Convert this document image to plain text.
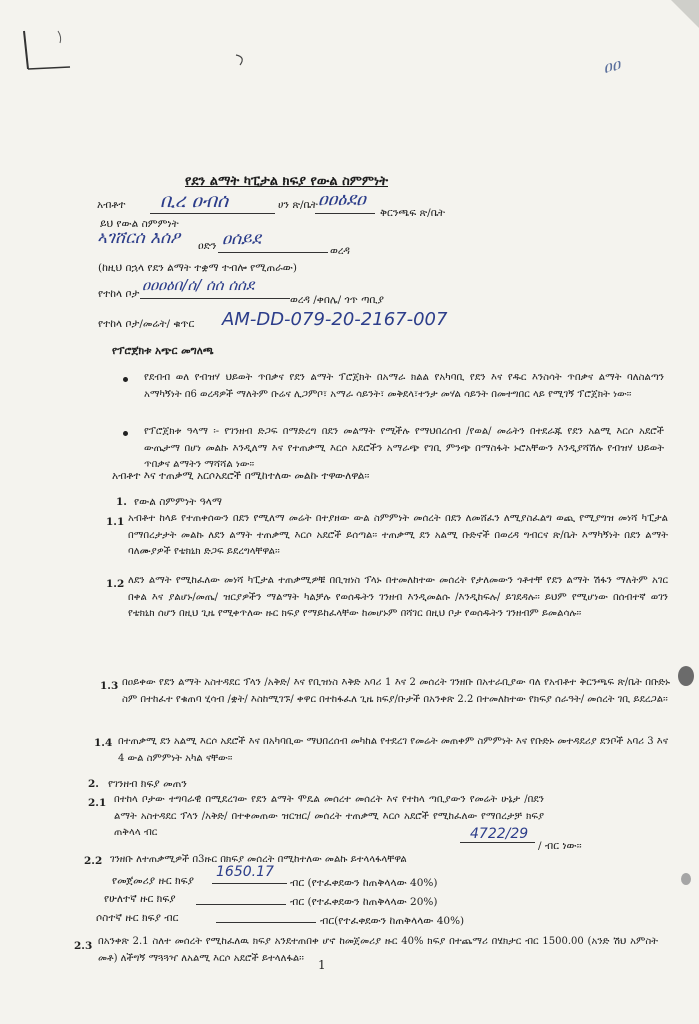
ዐዐ
የደን ልማት ካፒታል ክፍያ የውል ስምምነት
አብቶተ ቢረ ዐብሰ	ሀን ጽ/ቤት ዐዐዕደዐ
ቅርንጫፍ ጽ/ቤት
ይህ የውል ስምምነት
ኣገሸርሰ እሰዖ ዐድን ዐሰይደ
ወረዳ
(ከዚህ በኋላ የደን ልማት ተቋማ ተብሎ የሚጠራው)
የተከላ ቦታ ዐዐዐዕበ/ሰ/ ሰሰ ሰሰደ
ወረዳ /ቀበሌ/ ጎጥ ጣቢያ
የተከላ ቦታ/መሬት/ ቁጥር AM-DD-079-20-2167-007
የፕሮጀክቱ አጭር መግለጫ
የደብብ ወለ የብዝሃ ህይወት ጥበቃና የደን ልማት ፕሮጀክት በአማራ ክልል የአካባቢ የደን እና የዱር እንስሳት ጥበቃና ልማት ባለስልጣን አማካኝነት በ6 ወረዳዎች ማለትም ቡሬና ሊጋምቦ፣ አማራ ሳይንት፣ መቅደላ፣ተንታ መሃል ሳይንት በመተግበር ላይ የሚገኝ ፕሮጀክት ነው፡፡
የፕሮጀክቱ ዓላማ ፡- የገንዘብ ድጋፍ በማድረግ በደን መልማት የሚችሉ የማህበረሰብ /የወል/ መሬትን በተደራጁ የደን አልሚ እርሶ አደሮች ውጤታማ በሆነ መልኩ እንዲለማ እና የተጠቃሚ እርሶ አደሮችን አማራጭ የገቢ ምንጭ በማስፋት ኑሮአቸውን እንዲያሻሽሉ የብዝሃ ህይወት ጥበቃና ልማትን ማሻሻል ነው፡፡
አብቶተ እና ተጠቃሚ አርሶአደሮች በሚከተለው መልኩ ተዋውለዋል፡፡
1. የውል ስምምነት ዓላማ
1.1 አብቶተ ከላይ የተጠቀሰውን በደን የሚለማ መሬት በተያዘው ውል ስምምነት መሰረት በደን ለመሸፈን ለሚያስፈልግ ወጪ የሚያግዝ መነሻ ካፒታል በማበረታታት መልኩ ለደን ልማት ተጠቃሚ እርሶ አደሮች ይሰጣል፡፡ ተጠቃሚ ደን አልሚ ቡድኖች በወረዳ ግብርና ጽ/ቤት እማካኝነት በደን ልማት ባለሙያዎች የቴክኒክ ድጋፍ ይደረግላቸዋል፡፡
1.2 ለደን ልማት የሚከፈለው መነሻ ካፒታል ተጠቃሚዎቹ በቢዝነስ ፕላኑ በተመለከተው መሰረት የታለመውን ጎቶተቸ የደን ልማት ሽፋን ማለትም አገር በቀል እና ያልሆኑ/መጤ/ ዝርያዎችን ማልማት ካልቻሉ የወሰዱትን ገንዘብ እንዲመልሱ /እንዲከፍሉ/ ይገደዳሉ፡፡ ይህም የሚሆነው በሰብተኛ ወገን የቴክኒክ ሰሆን በዚህ ጊዜ የሚቀጥለው ዙር ክፍያ የማይከፈላቸው ከመሆኑም በሻገር በዚህ ቦታ የወሰዱትን ገንዘብም ይመልሳሉ፡፡
1.3 በዐይቀው የደን ልማት አስተዳደር ፕላን /አቅድ/ እና የቢዝነስ እቅድ አባሪ 1 እና 2 መሰረት ገንዘቡ በአተራቢያው ባለ የአብቶተ ቅርንጫፍ ጽ/ቤት በቡድኑ ስም በተከፈተ የቁጠባ ሂሳብ /ቋት/ እስከሚገኙ/ ቀዋር በተከፋፈለ ጊዜ ክፍያ/ቡታች በአንቀጽ 2.2 በተመለከተው የክፍያ ሰራዓት/ መሰረት ገቢ ይደረጋል፡፡
1.4 በተጠቃሚ ደን አልሚ እርሶ አደሮች እና በአካባቢው ማህበረሰብ መካከል የተደረገ የመሬት መጠቀም ስምምነት እና የቡድኑ መተዳደሪያ ደንቦች አባሪ 3 እና 4 ውል ስምምነት አካል ናቸው፡፡
2. የገንዘብ ክፍያ መጠን
2.1 በተከላ ቦታው ተግባራዊ በሚደረገው የደን ልማት ሞዴል መሰረተ መሰረት እና የተከላ ጣቢያውን የመሬት ሁኔታ /በደን ልማት አስተዳደር ፕላን /አቅድ/ በተቀመጠው ዝርዝር/ መሰረት ተጠቃሚ እርሶ አደሮች የሚከፈለው የማበረታቻ ክፍያ ጠቅላላ ብር	4722/29
/ ብር ነው፡፡
2.2 ገንዘቡ ለተጠቃሚዎች በ3ዙር በክፍያ መሰረት በሚከተለው መልኩ ይተላላፋላቸዋል
የመጀመሪያ ዙር ክፍያ
1650.17
ብር (የተፈቀደውን ከጠቅላላው 40%)
የሁለተኛ ዙር ክፍያ	ብር (የተፈቀደውን ከጠቅላላው 20%)
ሶስተኛ ዙር ክፍያ ብር	ብር(የተፈቀደውን ከጠቅላላው 40%)
2.3 በአንቀጽ 2.1 ስለተ መሰረት የሚከፈለዉ ክፍያ አንደተጠበቀ ሆኖ ከመጀመሪያ ዙር 40% ክፍያ በተጨማሪ በሄክታር ብር 1500.00 (አንድ ሽህ አምስት መቶ) ለችግኝ ማጓጓዣ ለአልሚ እርሶ አደሮች ይተላለፋል፡፡	1
